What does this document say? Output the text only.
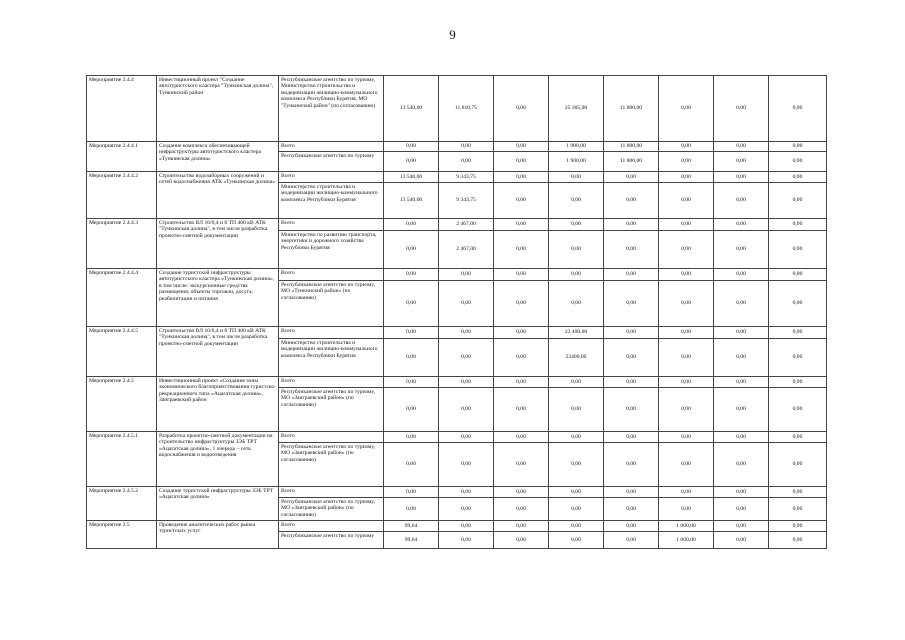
9
Мероприятие 2.4.4	Инвестиционный проект "Создание автотуристского кластера "Тункинская долина", Тункинский район	Республиканское агентство по туризму, Министерство строительства и модернизации жилищно-коммунального комплекса Республики Бурятия, МО "Тункинский район" (по согласованию)	13 540,00	11 810,75	0,00	25 305,00	11 800,00	0,00	0,00	0,00
Мероприятие 2.4.4.1	Создание комплекса обеспечивающей инфраструктуры автотуристского кластера «Тункинская долина»	Всего	0,00	0,00	0,00	1 900,00	11 800,00	0,00	0,00	0,00
		Республиканское агентство по туризму	0,00	0,00	0,00	1 900,00	11 800,00	0,00	0,00	0,00
Мероприятие 2.4.4.2	Строительство водозаборных сооружений и сетей водоснабжения АТК «Тункинская долина»	Всего	13 540,00	9 343,75	0,00	0,00	0,00	0,00	0,00	0,00
		Министерство строительства и модернизации жилищно-коммунального комплекса Республики Бурятия	13 540,00	9 343,75	0,00	0,00	0,00	0,00	0,00	0,00
Мероприятие 2.4.4.3	Строительство ВЛ 10/0,4 и 8 ТП 400 кВ АТК "Тункинская долина", в том числе разработка проектно-сметной документации	Всего	0,00	2 467,00	0,00	0,00	0,00	0,00	0,00	0,00
		Министерство по развитию транспорта, энергетики и дорожного хозяйства Республики Бурятия	0,00	2 467,00	0,00	0,00	0,00	0,00	0,00	0,00
Мероприятие 2.4.4.4	Создание туристской инфраструктуры автотуристского кластера «Тункинская долина», в том числе: экскурсионные средства размещения, объекты торговли, досуга, реабилитации и питания	Всего	0,00	0,00	0,00	0,00	0,00	0,00	0,00	0,00
		Республиканское агентство по туризму, МО «Тункинский район» (по согласованию)	0,00	0,00	0,00	0,00	0,00	0,00	0,00	0,00
Мероприятие 2.4.4.5	Строительство ВЛ 10/0,4 и 8 ТП 400 кВ АТК "Тункинская долина", в том числе разработка проектно-сметной документации	Всего	0,00	0,00	0,00	23 400,00	0,00	0,00	0,00	0,00
		Министерство строительства и модернизации жилищно-коммунального комплекса Республики Бурятия	0,00	0,00	0,00	23400,00	0,00	0,00	0,00	0,00
Мероприятие 2.4.5	Инвестиционный проект «Создание зоны экономического благоприятствования туристско-рекреационного типа «Ацагатская долина», Заиграевский район	Всего	0,00	0,00	0,00	0,00	0,00	0,00	0,00	0,00
		Республиканское агентство по туризму, МО «Заиграевский район» (по согласованию)	0,00	0,00	0,00	0,00	0,00	0,00	0,00	0,00
Мероприятие 2.4.5.1	Разработка проектно-сметной документации на строительство инфраструктуры ЗЭБ ТРТ «Ацагатская долина», 1 очередь – сеть водоснабжения и водоотведения	Всего	0,00	0,00	0,00	0,00	0,00	0,00	0,00	0,00
		Республиканское агентство по туризму, МО «Заиграевский район» (по согласованию)	0,00	0,00	0,00	0,00	0,00	0,00	0,00	0,00
Мероприятие 2.4.5.2	Создание туристской инфраструктуры ЗЭБ ТРТ «Ацагатская долина»	Всего	0,00	0,00	0,00	0,00	0,00	0,00	0,00	0,00
		Республиканское агентство по туризму, МО «Заиграевский район» (по согласованию)	0,00	0,00	0,00	0,00	0,00	0,00	0,00	0,00
Мероприятие 2.5	Проведение аналитических работ рынка туристских услуг	Всего	99,64	0,00	0,00	0,00	0,00	1 000,00	0,00	0,00
		Республиканское агентство по туризму	99,64	0,00	0,00	0,00	0,00	1 000,00	0,00	0,00
